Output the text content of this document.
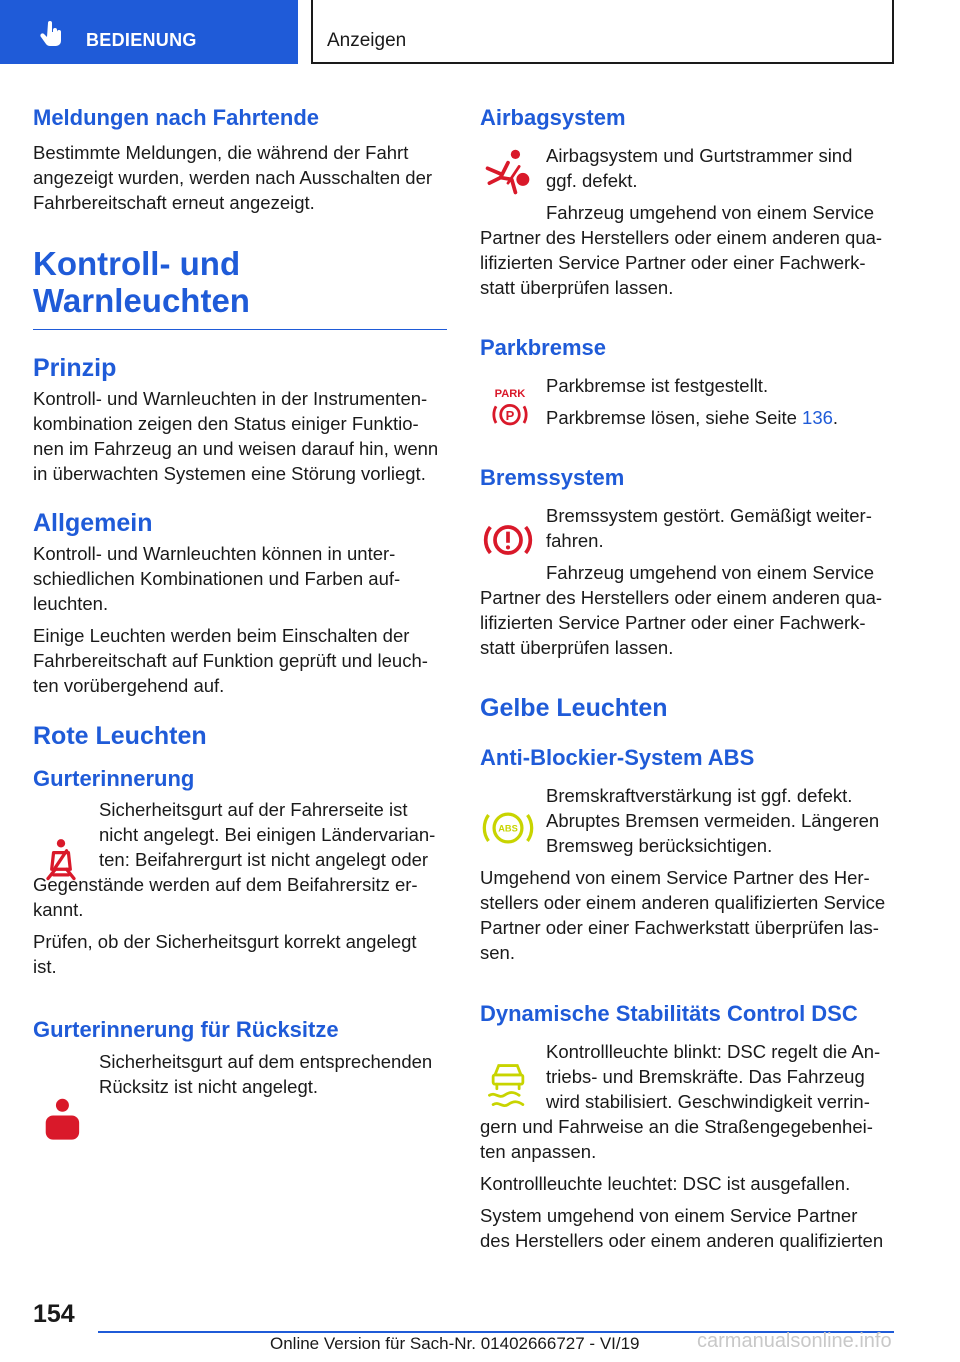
BEDIENUNG	Anzeigen
Meldungen nach Fahrtende

Bestimmte Meldungen, die während der Fahrt

angezeigt wurden, werden nach Ausschalten der

Fahrbereitschaft erneut angezeigt.

Kontroll- und
Warnleuchten
Prinzip

Kontroll- und Warnleuchten in der Instrumenten-

kombination zeigen den Status einiger Funktio-

nen im Fahrzeug an und weisen darauf hin, wenn

in überwachten Systemen eine Störung vorliegt.

Allgemein

Kontroll- und Warnleuchten können in unter-

schiedlichen Kombinationen und Farben auf-

leuchten.

Einige Leuchten werden beim Einschalten der

Fahrbereitschaft auf Funktion geprüft und leuch-

ten vorübergehend auf.

Rote Leuchten
Gurterinnerung

Sicherheitsgurt auf der Fahrerseite ist

nicht angelegt. Bei einigen Ländervarian-

ten: Beifahrergurt ist nicht angelegt oder

Gegenstände werden auf dem Beifahrersitz er-

kannt.

Prüfen, ob der Sicherheitsgurt korrekt angelegt

ist.

Gurterinnerung für Rücksitze

Sicherheitsgurt auf dem entsprechenden

Rücksitz ist nicht angelegt.

Airbagsystem

Airbagsystem und Gurtstrammer sind

ggf. defekt.

Fahrzeug umgehend von einem Service

Partner des Herstellers oder einem anderen qua-

lifizierten Service Partner oder einer Fachwerk-

statt überprüfen lassen.

Parkbremse

Parkbremse ist festgestellt.

Parkbremse lösen, siehe Seite 136.

Bremssystem

Bremssystem gestört. Gemäßigt weiter-

fahren.

Fahrzeug umgehend von einem Service

Partner des Herstellers oder einem anderen qua-

lifizierten Service Partner oder einer Fachwerk-

statt überprüfen lassen.

Gelbe Leuchten
Anti-Blockier-System ABS

Bremskraftverstärkung ist ggf. defekt.

Abruptes Bremsen vermeiden. Längeren

Bremsweg berücksichtigen.

Umgehend von einem Service Partner des Her-

stellers oder einem anderen qualifizierten Service

Partner oder einer Fachwerkstatt überprüfen las-

sen.

Dynamische Stabilitäts Control DSC

Kontrollleuchte blinkt: DSC regelt die An-

triebs- und Bremskräfte. Das Fahrzeug

wird stabilisiert. Geschwindigkeit verrin-

gern und Fahrweise an die Straßengegebenhei-

ten anpassen.

Kontrollleuchte leuchtet: DSC ist ausgefallen.

System umgehend von einem Service Partner

des Herstellers oder einem anderen qualifizierten

PARK
P
ABS
154
Online Version für Sach-Nr. 01402666727 - VI/19	carmanualsonline.info
